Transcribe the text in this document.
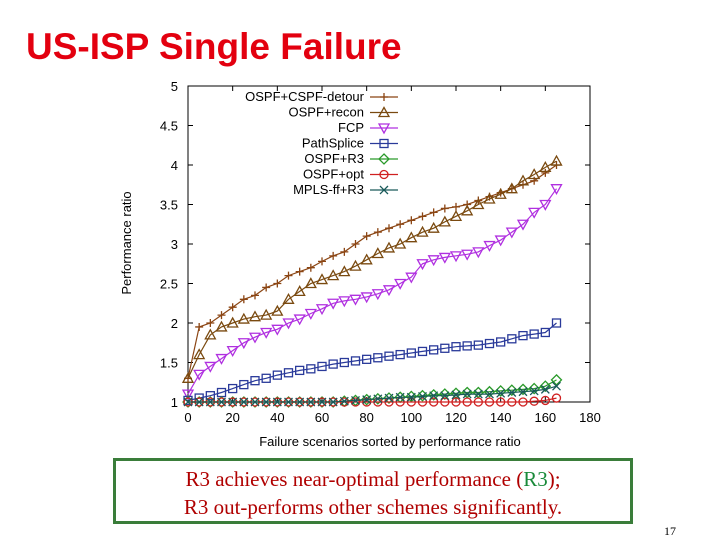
US-ISP Single Failure
0	20 40 60 80 100 120 140 160 180
1
1.5
2
2.5
3
3.5
4
4.5
5
OSPF+CSPF-detour
OSPF+recon
FCP
PathSplice
OSPF+R3
OSPF+opt
MPLS-ff+R3
Failure scenarios sorted by performance ratio
Performance ratio
R3 achieves near-optimal performance (R3);
R3 out-performs other schemes significantly.
17
